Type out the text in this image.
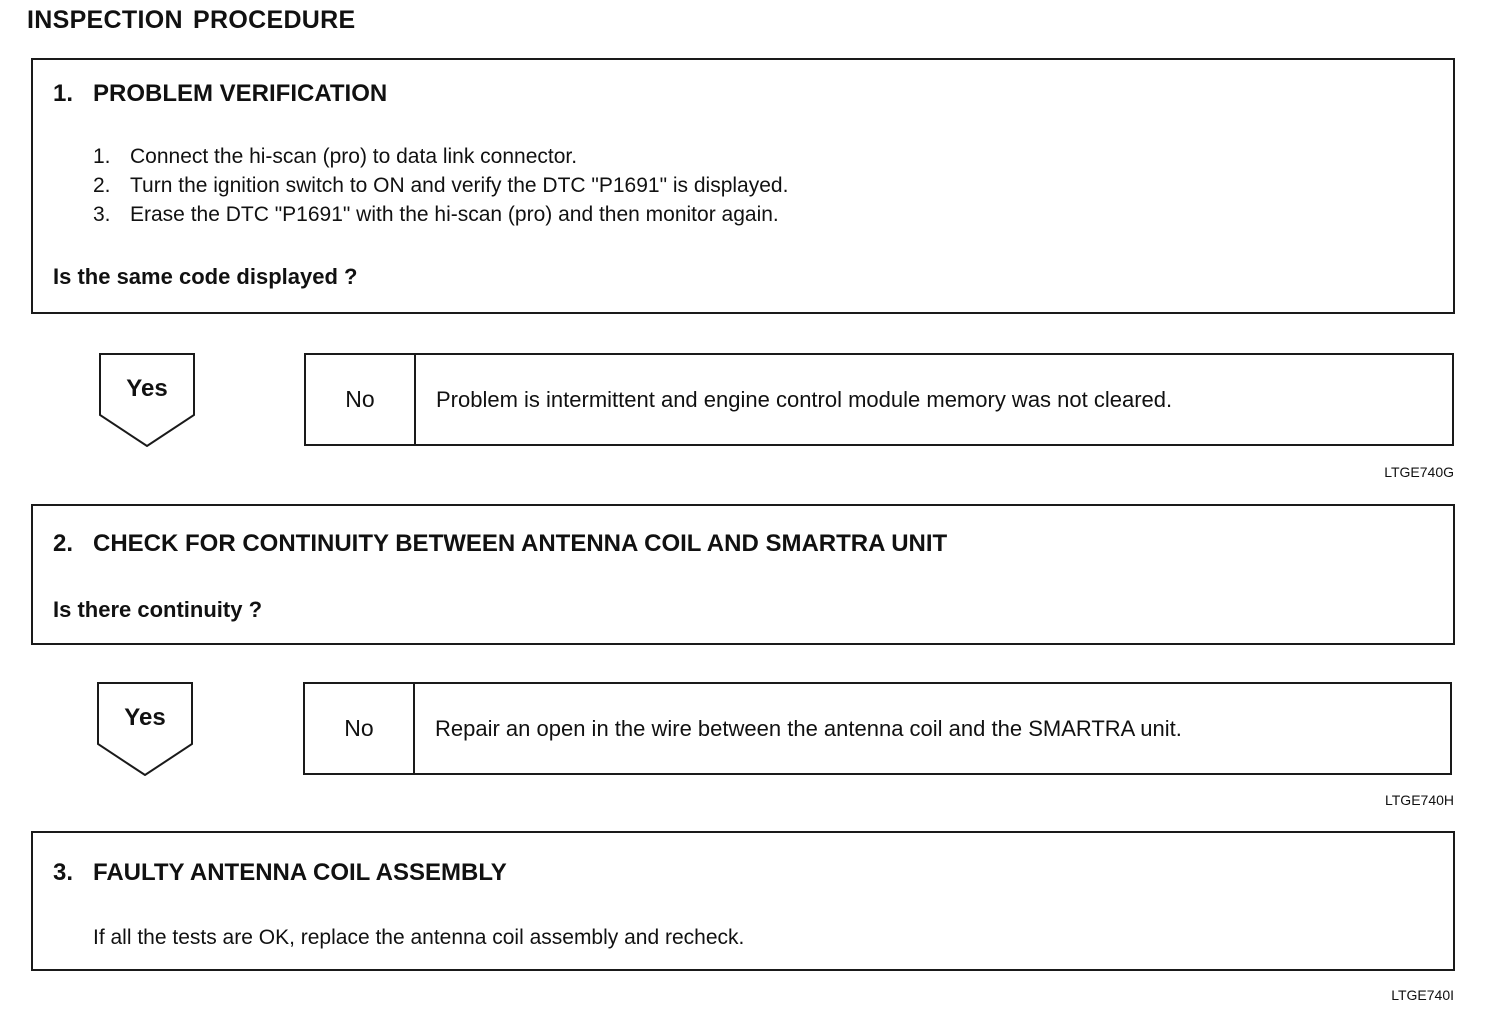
INSPECTION PROCEDURE
1. PROBLEM VERIFICATION
1. Connect the hi-scan (pro) to data link connector.
2. Turn the ignition switch to ON and verify the DTC "P1691" is displayed.
3. Erase the DTC "P1691" with the hi-scan (pro) and then monitor again.
Is the same code displayed ?
Yes	No	Problem is intermittent and engine control module memory was not cleared.
LTGE740G
2. CHECK FOR CONTINUITY BETWEEN ANTENNA COIL AND SMARTRA UNIT
Is there continuity ?
Yes	No	Repair an open in the wire between the antenna coil and the SMARTRA unit.
LTGE740H
3. FAULTY ANTENNA COIL ASSEMBLY
If all the tests are OK, replace the antenna coil assembly and recheck.
LTGE740I
